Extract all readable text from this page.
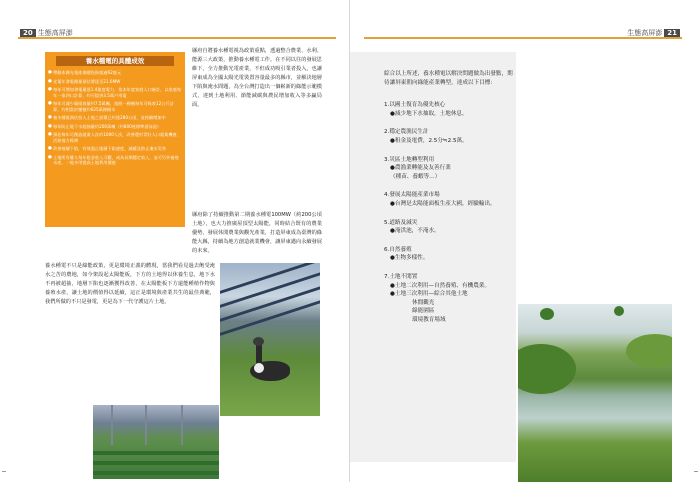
20 生態高屏澎
養水種電的具體成效
● 帶動本縣光電產業總投資超過62億元
● 光電年發電總量預估將達至21.6MW
● 每年可增加發電量達1.4億度電力，依本年度家庭人口統計，以家庭每年一家四口計算，約可提供3.5萬戶用電
● 每年可減少碳排放量約7.5萬噸，依照一棵樹每年可吸收12公斤計算，約相當於種植約625萬棵樹木
● 養水種電預估投入土地之面積已約達280公頃，並持續增加中
● 每年防止地下水超抽量約200萬噸（約800座標準游泳池）
● 預估每年可創造就業人次約1000人次，改善農村青壯人口就業機會，活絡地方經濟
● 改善地層下陷，有效遏止地層下陷速度，減緩及防止淹水災害
● 土地所有權人每年租金收入可觀，成為長期穩定收入，並可另外養殖水產，一地多用提高土地利用價值

縣府自將養水種電視為政策重點，透過整合農業、水利、能源三大政策，推動養水種電工作。在不同以往的發展思維下，全力推動光電產業，不但成功吸引業者投入，也讓屏東成為全國太陽光電裝置容量最多的縣市，並解決地層下陷與淹水問題，為全台灣打造出一個嶄新的綠能示範模式，達到土地利用、節能減碳與農民增加收入等多贏局面。

縣府除了持續推動第二期養水種電100MW（約200公頃土地），也大力推廣屋頂型太陽能，同時結合既有的農業優勢，發展休閒農業與觀光產業，打造屏東成為臺灣的綠能大縣，持續為地方創造就業機會，讓屏東邁向永續發展的未來。

養水種電不只是綠能政策，更是環境正義的體現，當我們看見過去飽受淹水之苦的農地，如今架設起太陽能板，下方的土地得以休養生息，地下水不再被超抽，地層下陷也逐漸獲得改善，在太陽能板下方還能種植作物與養殖水產，讓土地的價值得以延續，這正是環境與產業共生的最佳典範，我們所做的不只是發電，更是為下一代守護這片土地。

生態高屏澎 21

綜合以上所述，養水種電以解決問題做為出發點，期待讓屏東朝向綠能產業轉型，達成以下目標：

1.以國土復育為優先核心
●減少地下水抽取，土地休息。
2.穩定農漁民生計
●租金及電費，2.5分≒2.5萬。
3.災區土地轉型利用
●農漁業轉能及友善行業
（種苗、養蝦等…）
4.發展太陽能產業市場
●台灣是太陽能面板生產大國，經驗輸出。
5.道路及減災
●淹洪池，不淹水。
6.自然養殖
●生物多樣性。
7.土地不閒置
●土地二次利用—自然養殖、有機農業。
●土地三次利用—綜合其他土地
休閒觀光
綠能園區
環境教育場域
